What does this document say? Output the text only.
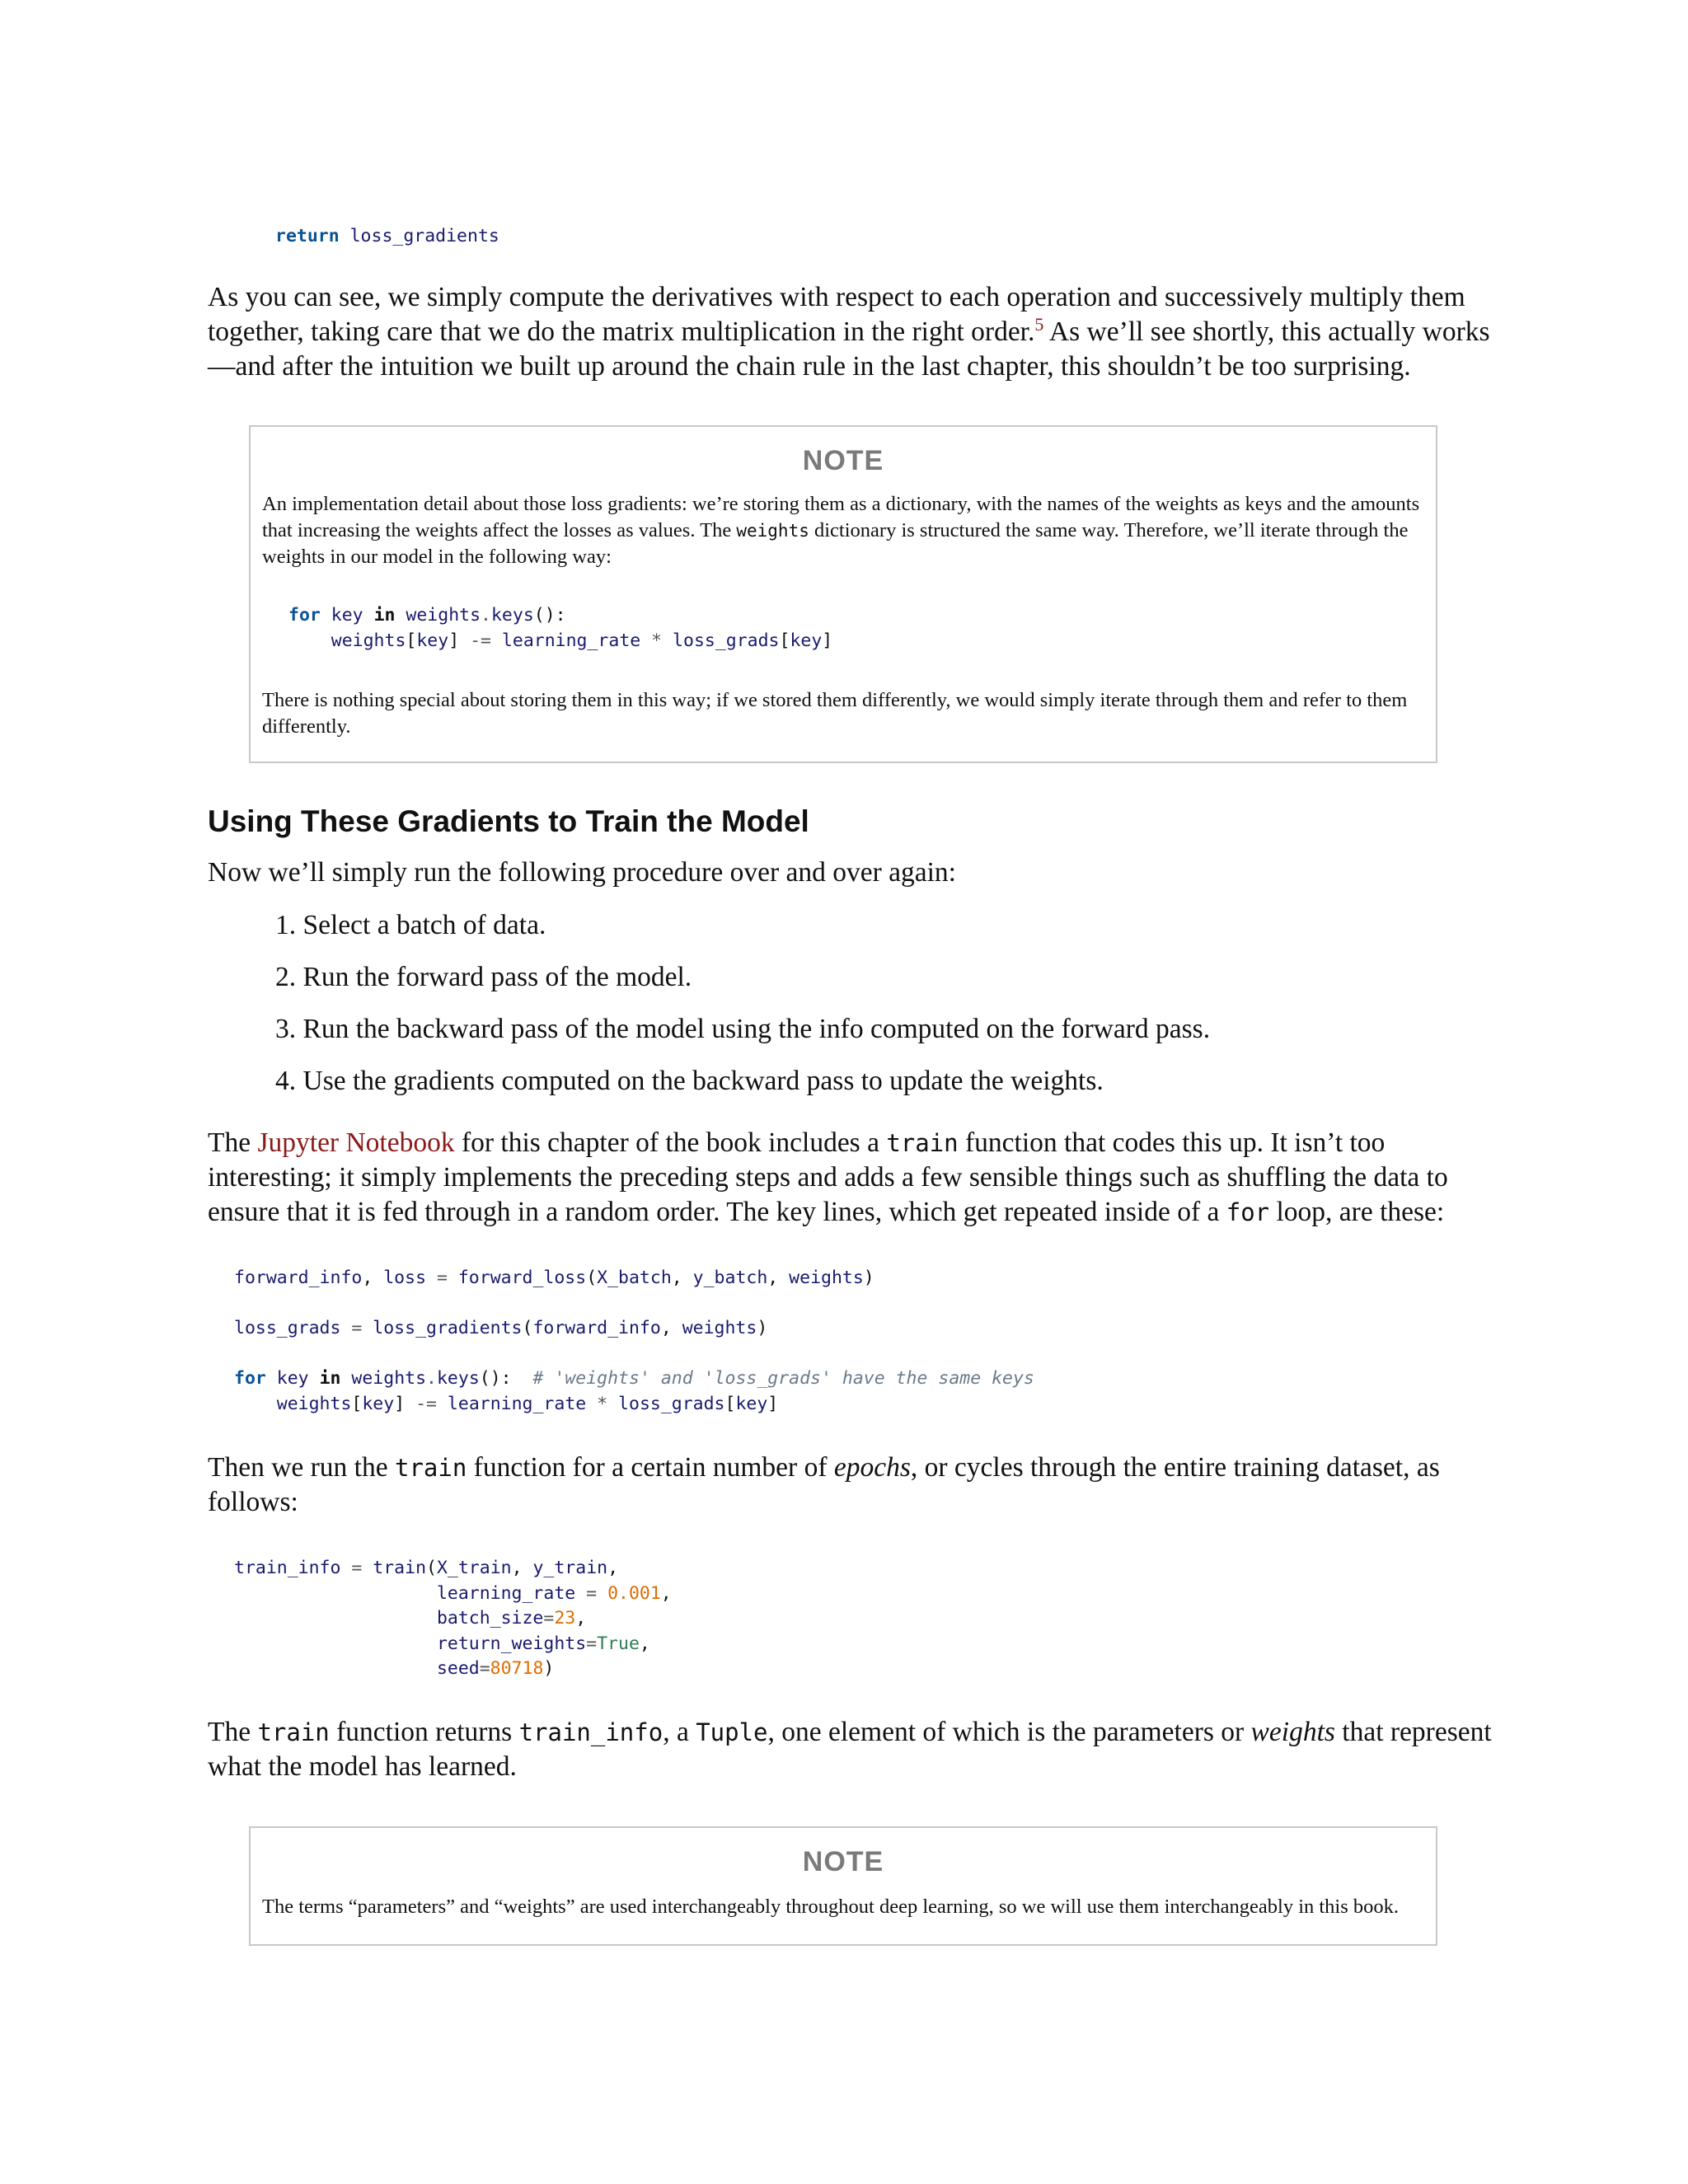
return loss_gradients

As you can see, we simply compute the derivatives with respect to each operation and successively multiply them together, taking care that we do the matrix multiplication in the right order.$^5$ As we’ll see shortly, this actually works—and after the intuition we built up around the chain rule in the last chapter, this shouldn’t be too surprising.

NOTE

An implementation detail about those loss gradients: we’re storing them as a dictionary, with the names of the weights as keys and the amounts that increasing the weights affect the losses as values. The weights dictionary is structured the same way. Therefore, we’ll iterate through the weights in our model in the following way:

for key in weights.keys():
weights[key] -= learning_rate * loss_grads[key]

There is nothing special about storing them in this way; if we stored them differently, we would simply iterate through them and refer to them differently.

Using These Gradients to Train the Model

Now we’ll simply run the following procedure over and over again:

1. Select a batch of data.

2. Run the forward pass of the model.

3. Run the backward pass of the model using the info computed on the forward pass.

4. Use the gradients computed on the backward pass to update the weights.

The Jupyter Notebook for this chapter of the book includes a train function that codes this up. It isn’t too interesting; it simply implements the preceding steps and adds a few sensible things such as shuffling the data to ensure that it is fed through in a random order. The key lines, which get repeated inside of a for loop, are these:

forward_info, loss = forward_loss(X_batch, y_batch, weights)

loss_grads = loss_gradients(forward_info, weights)

for key in weights.keys(): # 'weights' and 'loss_grads' have the same keys
weights[key] -= learning_rate * loss_grads[key]

Then we run the train function for a certain number of epochs, or cycles through the entire training dataset, as follows:

train_info = train(X_train, y_train,
learning_rate = 0.001,
batch_size=23,
return_weights=True,
seed=80718)

The train function returns train_info, a Tuple, one element of which is the parameters or weights that represent what the model has learned.

NOTE

The terms “parameters” and “weights” are used interchangeably throughout deep learning, so we will use them interchangeably in this book.
